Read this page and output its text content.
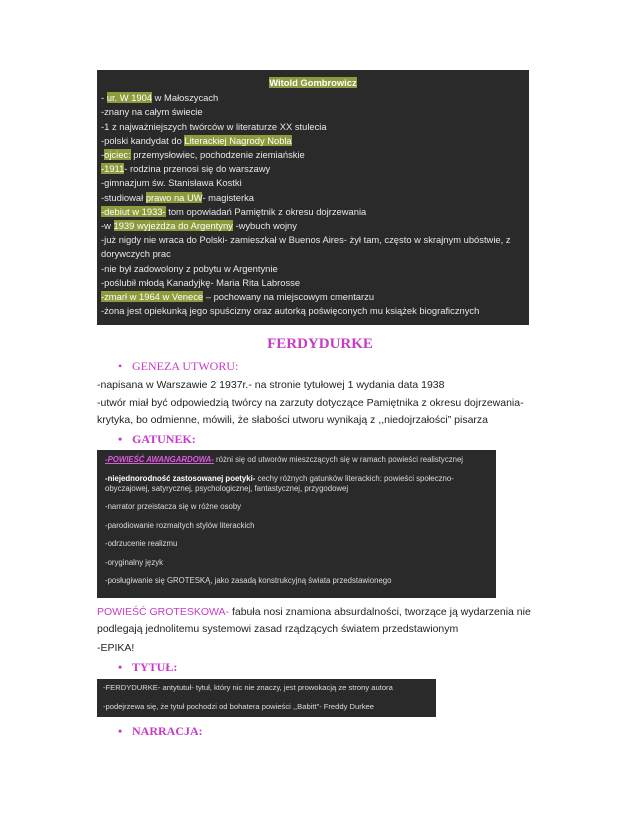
Witold Gombrowicz
- ur. W 1904 w Małoszycach
-znany na całym świecie
-1 z najważniejszych twórców w literaturze XX stulecia
-polski kandydat do Literackiej Nagrody Nobla
-ojciec: przemysłowiec, pochodzenie ziemiańskie
-1911- rodzina przenosi się do warszawy
-gimnazjum św. Stanisława Kostki
-studiował prawo na UW- magisterka
-debiut w 1933- tom opowiadań Pamiętnik z okresu dojrzewania
-w 1939 wyjeżdża do Argentyny -wybuch wojny
-już nigdy nie wraca do Polski- zamieszkał w Buenos Aires- żył tam, często w skrajnym ubóstwie, z dorywczych prac
-nie był zadowolony z pobytu w Argentynie
-poślubił młodą Kanadyjkę- Maria Rita Labrosse
-zmarł w 1964 w Venece – pochowany na miejscowym cmentarzu
-żona jest opiekunką jego spuścizny oraz autorką poświęconych mu książek biograficznych
FERDYDURKE
• GENEZA UTWORU:
-napisana w Warszawie 2 1937r.- na stronie tytułowej 1 wydania data 1938
-utwór miał być odpowiedzią twórcy na zarzuty dotyczące Pamiętnika z okresu dojrzewania- krytyka, bo odmienne, mówili, że słabości utworu wynikają z ,,niedojrzałości” pisarza
• GATUNEK:
-POWIEŚĆ AWANGARDOWA- różni się od utworów mieszczących się w ramach powieści realistycznej
-niejednorodność zastosowanej poetyki- cechy różnych gatunków literackich: powieści społeczno-obyczajowej, satyrycznej, psychologicznej, fantastycznej, przygodowej
-narrator przeistacza się w różne osoby
-parodiowanie rozmaitych stylów literackich
-odrzucenie realizmu
-oryginalny język
-posługiwanie się GROTESKĄ, jako zasadą konstrukcyjną świata przedstawionego
POWIEŚĆ GROTESKOWA- fabuła nosi znamiona absurdalności, tworzące ją wydarzenia nie podlegają jednolitemu systemowi zasad rządzących światem przedstawionym
-EPIKA!
• TYTUŁ:
-FERDYDURKE- antytutuł- tytuł, który nic nie znaczy, jest prowokacją ze strony autora
-podejrzewa się, że tytuł pochodzi od bohatera powieści ,,Babitt”- Freddy Durkee
• NARRACJA:
